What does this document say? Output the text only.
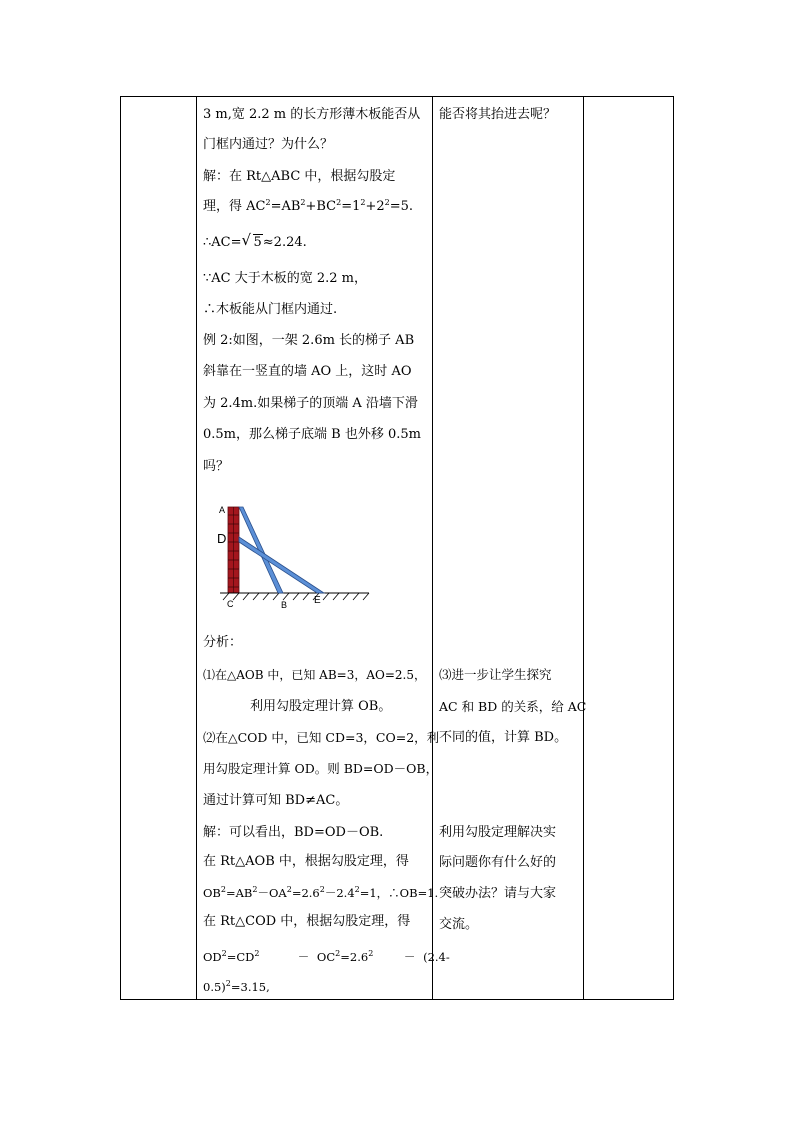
3 m,宽 2.2 m 的长方形薄木板能否从
门框内通过？为什么？
解：在 Rt△ABC 中，根据勾股定
理，得 $AC^2=AB^2+BC^2=1^2+2^2=5$.
∴AC= √ 5≈2.24.
∵AC 大于木板的宽 2.2 m，
∴木板能从门框内通过.
例 2:如图，一架 2.6m 长的梯子 AB
斜靠在一竖直的墙 AO 上，这时 AO
为 2.4m.如果梯子的顶端 A 沿墙下滑
0.5m，那么梯子底端 B 也外移 0.5m
吗？
A
D
C	B	E
分析：
⑴在△AOB 中，已知 AB=3，AO=2.5，
利用勾股定理计算 OB。
⑵在△COD 中，已知 CD=3，CO=2，利
用勾股定理计算 OD。则 BD=OD－OB，
通过计算可知 BD≠AC。
解：可以看出，BD=OD－OB.
在 Rt△AOB 中，根据勾股定理，得
$OB^2=AB^2-OA^2=2.6^2-2.4^2=1$，∴OB=1.
在 Rt△COD 中，根据勾股定理，得
$OD^2=CD^2$	－ $OC^2=2.6^2$	－ (2.4-
0.5)$^2$=3.15,
能否将其抬进去呢？
⑶进一步让学生探究
AC 和 BD 的关系，给 AC
不同的值，计算 BD。
利用勾股定理解决实
际问题你有什么好的
突破办法？请与大家
交流。
